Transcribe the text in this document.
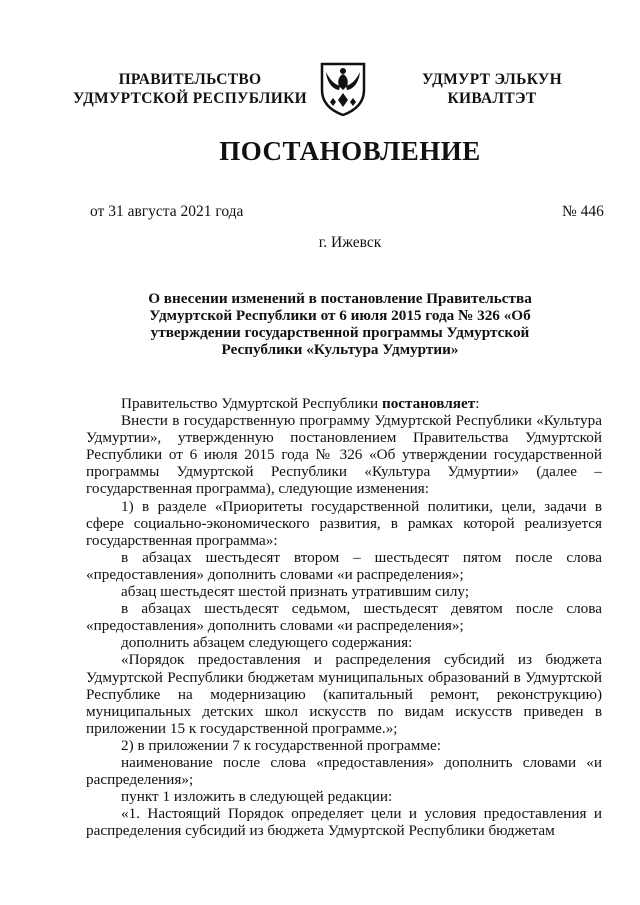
ПРАВИТЕЛЬСТВО
УДМУРТСКОЙ РЕСПУБЛИКИ
УДМУРТ ЭЛЬКУН
КИВАЛТЭТ
ПОСТАНОВЛЕНИЕ
от 31 августа 2021 года	№ 446
г. Ижевск
О внесении изменений в постановление Правительства Удмуртской Республики от 6 июля 2015 года № 326 «Об утверждении государственной программы Удмуртской Республики «Культура Удмуртии»

Правительство Удмуртской Республики постановляет:

Внести в государственную программу Удмуртской Республики «Культура Удмуртии», утвержденную постановлением Правительства Удмуртской Республики от 6 июля 2015 года № 326 «Об утверждении государственной программы Удмуртской Республики «Культура Удмуртии» (далее – государственная программа), следующие изменения:

1) в разделе «Приоритеты государственной политики, цели, задачи в сфере социально-экономического развития, в рамках которой реализуется государственная программа»:

в абзацах шестьдесят втором – шестьдесят пятом после слова «предоставления» дополнить словами «и распределения»;

абзац шестьдесят шестой признать утратившим силу;

в абзацах шестьдесят седьмом, шестьдесят девятом после слова «предоставления» дополнить словами «и распределения»;

дополнить абзацем следующего содержания:

«Порядок предоставления и распределения субсидий из бюджета Удмуртской Республики бюджетам муниципальных образований в Удмуртской Республике на модернизацию (капитальный ремонт, реконструкцию) муниципальных детских школ искусств по видам искусств приведен в приложении 15 к государственной программе.»;

2) в приложении 7 к государственной программе:

наименование после слова «предоставления» дополнить словами «и распределения»;

пункт 1 изложить в следующей редакции:

«1. Настоящий Порядок определяет цели и условия предоставления и распределения субсидий из бюджета Удмуртской Республики бюджетам
